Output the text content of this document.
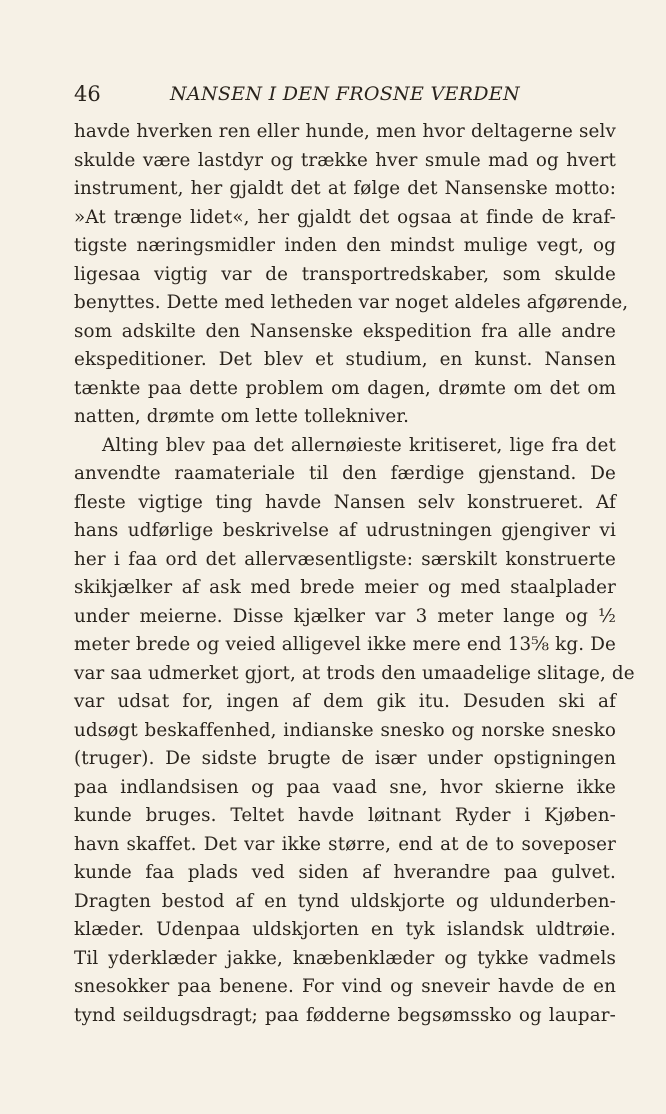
46	NANSEN I DEN FROSNE VERDEN
havde hverken ren eller hunde, men hvor deltagerne selv
skulde være lastdyr og trække hver smule mad og hvert
instrument, her gjaldt det at følge det Nansenske motto:
»At trænge lidet«, her gjaldt det ogsaa at finde de kraf-
tigste næringsmidler inden den mindst mulige vegt, og
ligesaa vigtig var de transportredskaber, som skulde
benyttes. Dette med letheden var noget aldeles afgørende,
som adskilte den Nansenske ekspedition fra alle andre
ekspeditioner. Det blev et studium, en kunst. Nansen
tænkte paa dette problem om dagen, drømte om det om
natten, drømte om lette tollekniver.
Alting blev paa det allernøieste kritiseret, lige fra det
anvendte raamateriale til den færdige gjenstand. De
fleste vigtige ting havde Nansen selv konstrueret. Af
hans udførlige beskrivelse af udrustningen gjengiver vi
her i faa ord det allervæsentligste: særskilt konstruerte
skikjælker af ask med brede meier og med staalplader
under meierne. Disse kjælker var 3 meter lange og ½
meter brede og veied alligevel ikke mere end 13⅝ kg. De
var saa udmerket gjort, at trods den umaadelige slitage, de
var udsat for, ingen af dem gik itu. Desuden ski af
udsøgt beskaffenhed, indianske snesko og norske snesko
(truger). De sidste brugte de især under opstigningen
paa indlandsisen og paa vaad sne, hvor skierne ikke
kunde bruges. Teltet havde løitnant Ryder i Kjøben-
havn skaffet. Det var ikke større, end at de to soveposer
kunde faa plads ved siden af hverandre paa gulvet.
Dragten bestod af en tynd uldskjorte og uldunderben-
klæder. Udenpaa uldskjorten en tyk islandsk uldtrøie.
Til yderklæder jakke, knæbenklæder og tykke vadmels
snesokker paa benene. For vind og sneveir havde de en
tynd seildugsdragt; paa fødderne begsømssko og laupar-
